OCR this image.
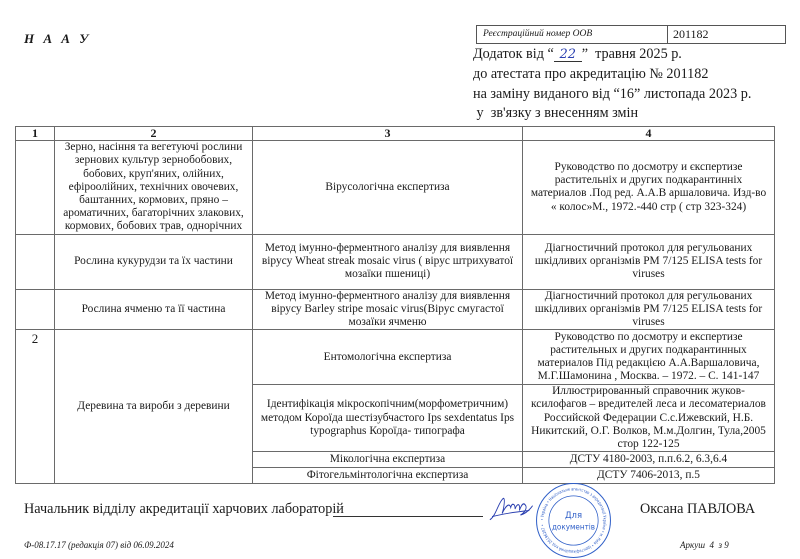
Н А А У	Реєстраційний номер ООВ	201182
Додаток від “ 22 ”  травня 2025 р.
до атестата про акредитацію № 201182
на заміну виданого від “16” листопада 2023 р.
у  зв'язку з внесенням змін
1	2	3	4
	Зерно, насіння та вегетуючі рослини зернових культур зернобобових, бобових, круп'яних, олійних, ефіроолійних, технічних овочевих, баштанних, кормових, пряно – ароматичних, багаторічних злакових, кормових, бобових трав, однорічних	Вірусологічна експертиза	Руководство по досмотру и єкспертизе растительніх и других подкарантинніх материалов .Под ред. А.А.В аршаловича. Изд-во « колос»М., 1972.-440 стр ( стр 323-324)
	Рослина кукурудзи та їх частини	Метод імунно-ферментного аналізу для виявлення вірусу Wheat streak mosaic virus ( вірус штрихуватої мозаїки пшениці)	Діагностичний протокол для регульованих шкідливих організмів PM 7/125 ELISA tests for viruses
	Рослина ячменю та її частина	Метод імунно-ферментного аналізу для виявлення вірусу Barley stripe mosaic virus(Вірус смугастої мозаїки ячменю	Діагностичний протокол для регульованих шкідливих організмів PM 7/125 ELISA tests for viruses
2	Деревина та вироби з деревини	Ентомологічна експертиза	Руководство по досмотру и експертизе растительных и других подкарантинных материалов Під редакцією А.А.Варшаловича, М.Г.Шамонина , Москва. – 1972. – С. 141-147
		Ідентифікація мікроскопічним(морфометричним) методом Короїда шестізубчастого Ips sexdentatus Ips typographus Короїда- типографа	Иллюстрированный справочник жуков-ксилофагов – вредителей леса и лесоматериалов Российской Федерации С.с.Ижевский, Н.Б. Никитский, О.Г. Волков, М.м.Долгин, Тула,2005 стор 122-125
		Мікологічна експертиза	ДСТУ 4180-2003, п.п.6.2, 6.3,6.4
		Фітогельмінтологічна експертиза	ДСТУ 7406-2013, п.5
• Україна • Національне агентство з акредитації України • м. Київ • Ідентифікаційний код 26196287 •
Для
документів
Начальник відділу акредитації харчових лабораторій	Оксана ПАВЛОВА
Ф-08.17.17 (редакція 07) від 06.09.2024	Аркуш 4 з 9
